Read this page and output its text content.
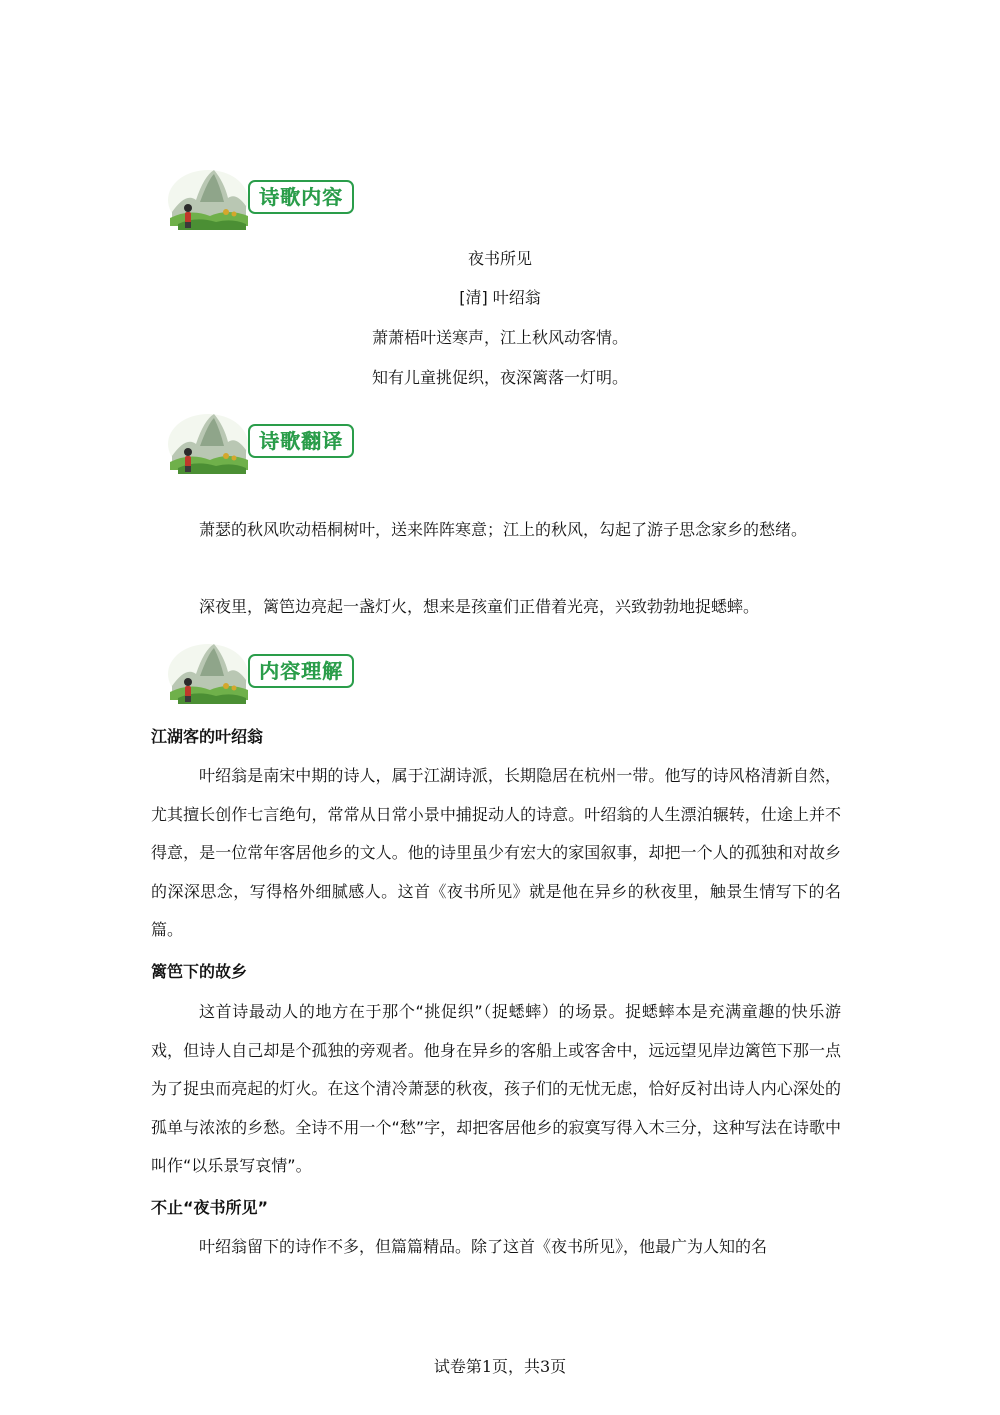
诗歌内容
夜书所见
[清] 叶绍翁
萧萧梧叶送寒声，江上秋风动客情。
知有儿童挑促织，夜深篱落一灯明。
诗歌翻译
萧瑟的秋风吹动梧桐树叶，送来阵阵寒意；江上的秋风，勾起了游子思念家乡的愁绪。
深夜里，篱笆边亮起一盏灯火，想来是孩童们正借着光亮，兴致勃勃地捉蟋蟀。
内容理解
江湖客的叶绍翁
叶绍翁是南宋中期的诗人，属于江湖诗派，长期隐居在杭州一带。他写的诗风格清新自然，尤其擅长创作七言绝句，常常从日常小景中捕捉动人的诗意。叶绍翁的人生漂泊辗转，仕途上并不得意，是一位常年客居他乡的文人。他的诗里虽少有宏大的家国叙事，却把一个人的孤独和对故乡的深深思念，写得格外细腻感人。这首《夜书所见》就是他在异乡的秋夜里，触景生情写下的名篇。
篱笆下的故乡
这首诗最动人的地方在于那个“挑促织”（捉蟋蟀）的场景。捉蟋蟀本是充满童趣的快乐游戏，但诗人自己却是个孤独的旁观者。他身在异乡的客船上或客舍中，远远望见岸边篱笆下那一点为了捉虫而亮起的灯火。在这个清冷萧瑟的秋夜，孩子们的无忧无虑，恰好反衬出诗人内心深处的孤单与浓浓的乡愁。全诗不用一个“愁”字，却把客居他乡的寂寞写得入木三分，这种写法在诗歌中叫作“以乐景写哀情”。
不止“夜书所见”
叶绍翁留下的诗作不多，但篇篇精品。除了这首《夜书所见》，他最广为人知的名
试卷第1页，共3页
